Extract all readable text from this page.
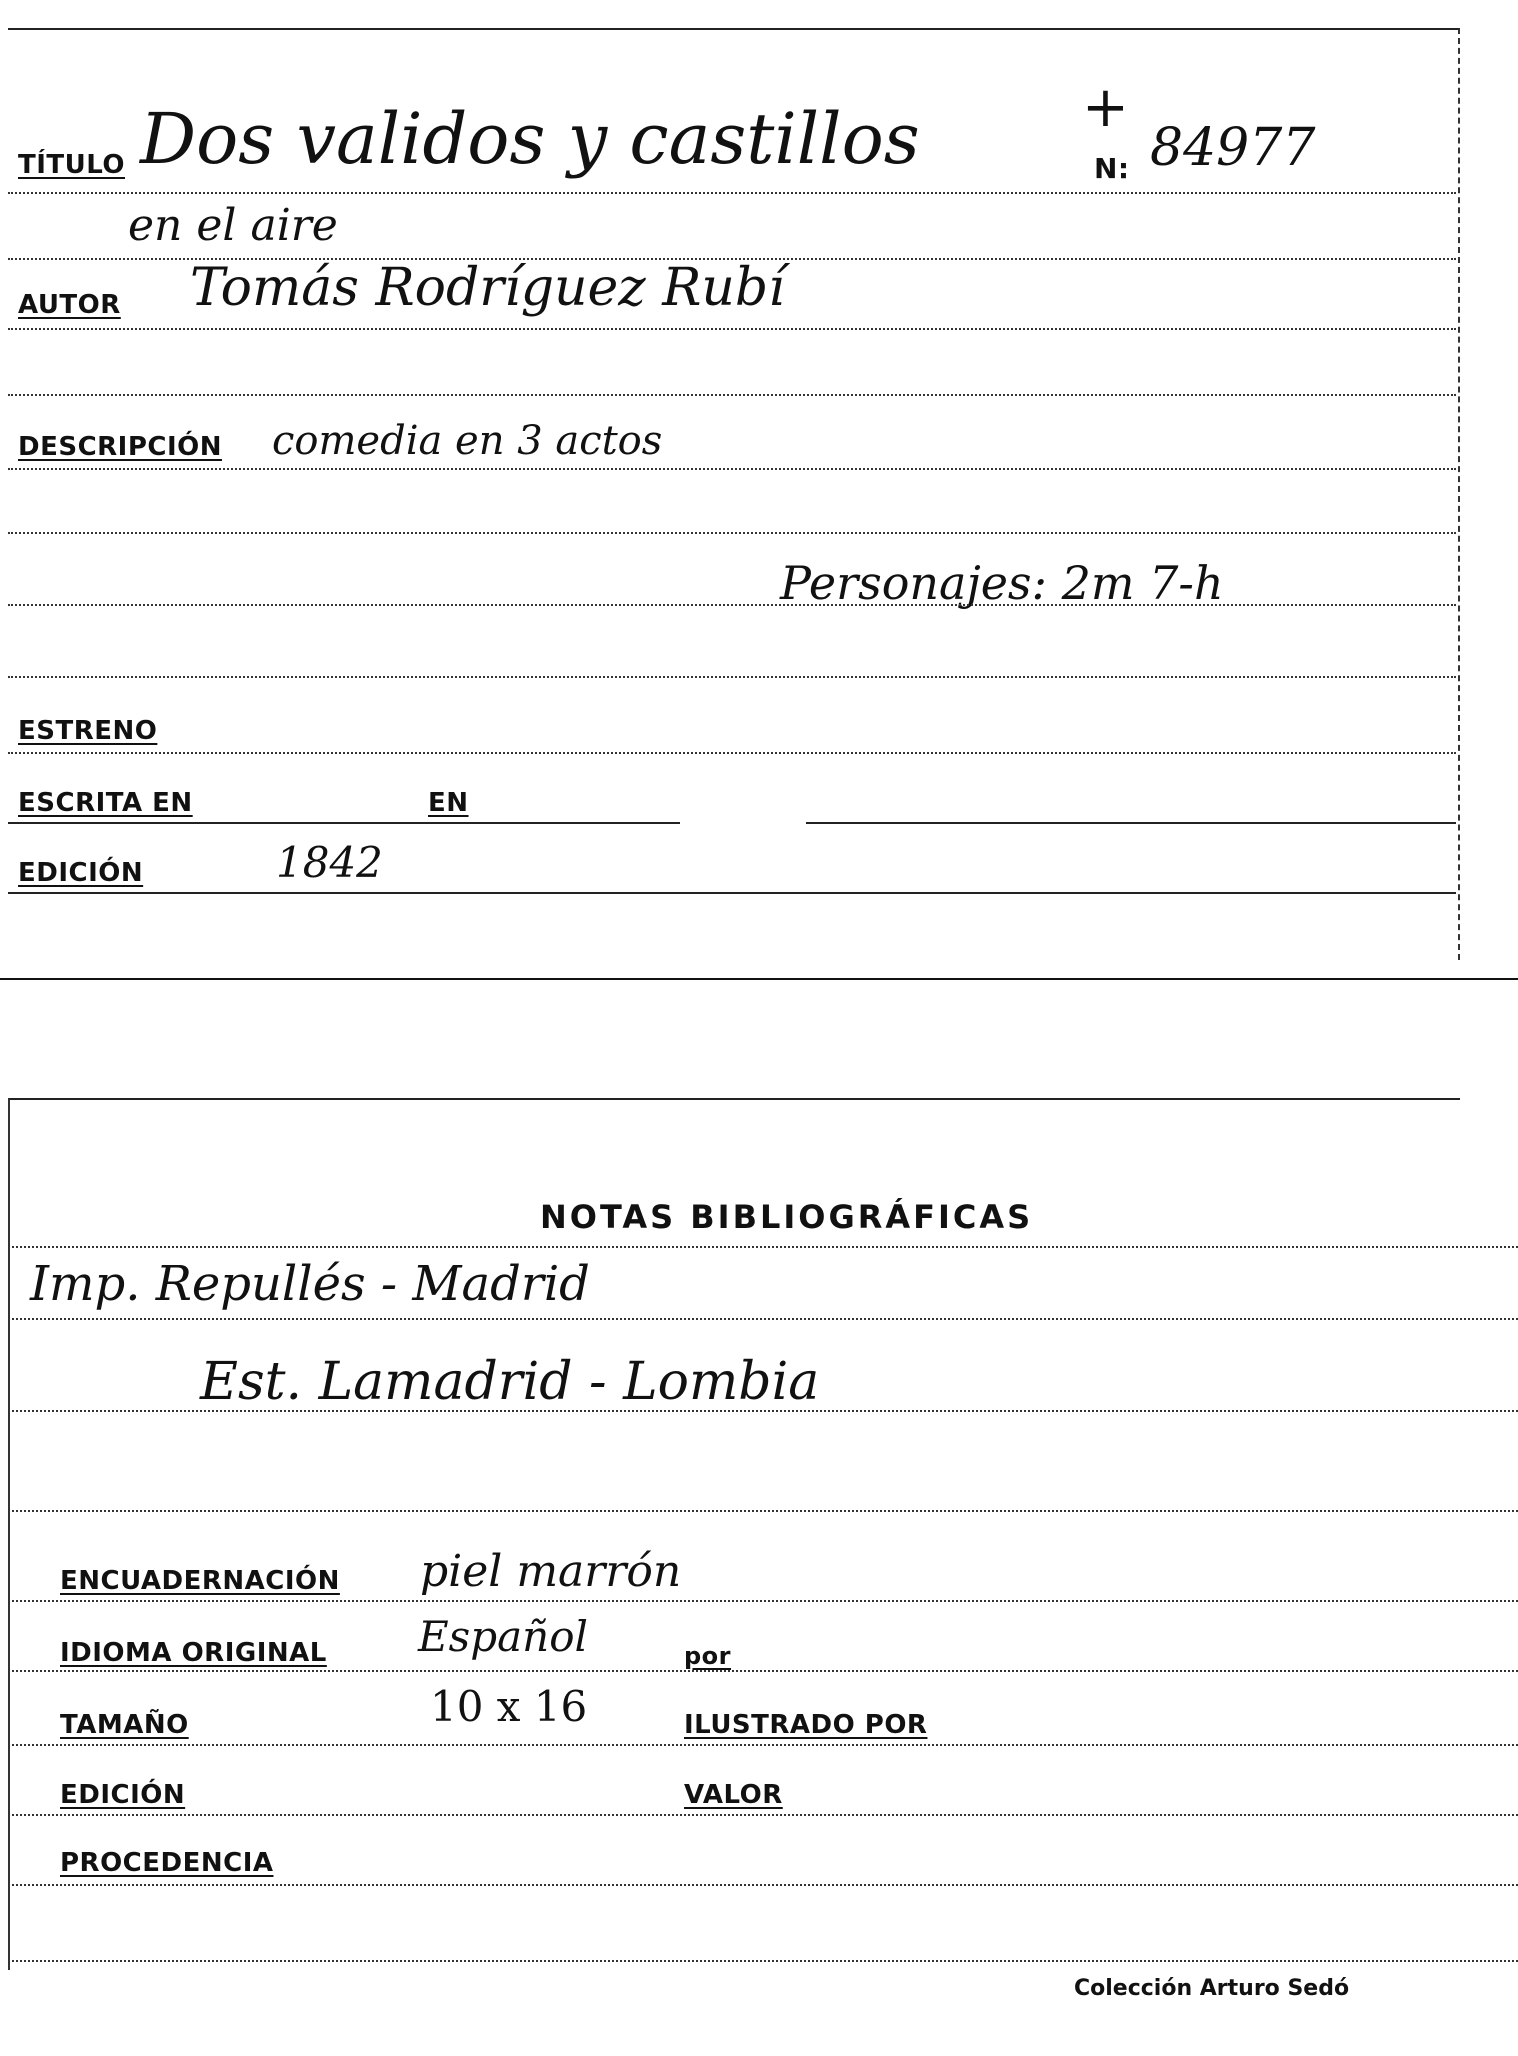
+
TÍTULO Dos validos y castillos	N: 84977
en el aire
AUTOR Tomás Rodríguez Rubí
DESCRIPCIÓN comedia en 3 actos
Personajes: 2m 7-h
ESTRENO
ESCRITA EN	EN
EDICIÓN	1842
NOTAS BIBLIOGRÁFICAS
Imp. Repullés - Madrid
Est. Lamadrid - Lombia
ENCUADERNACIÓN piel marrón
IDIOMA ORIGINAL Español	por
TAMAÑO	10 x 16	ILUSTRADO POR
EDICIÓN	VALOR
PROCEDENCIA
Colección Arturo Sedó
